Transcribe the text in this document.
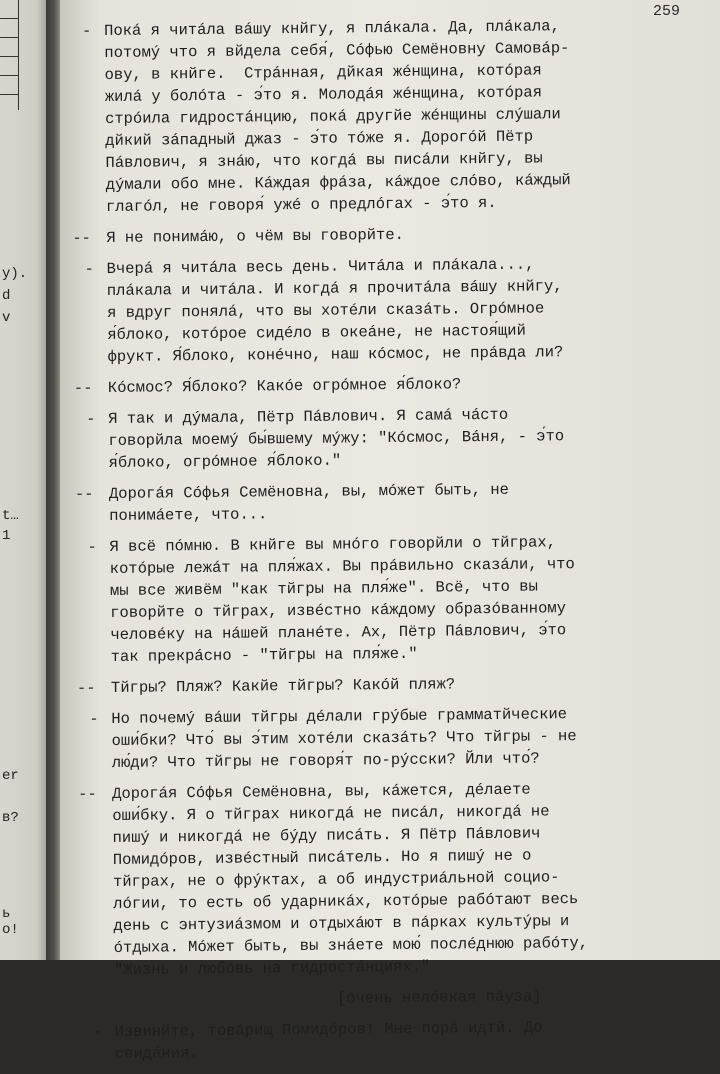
y).
d
v
t…
1
er
в?
ь
о!
259
- Покá я читáла вáшу кнйгу, я плáкала. Да, плáкала,
потомý что я вйдела себя́, Сóфью Семёновну Самовáр-
ову, в кнйге.  Стрáнная, дйкая жéнщина, котóрая
жилá у болóта - э́то я. Молодáя жéнщина, котóрая
стрóила гидростáнцию, покá другйе жéнщины слýшали
дйкий зáпадный джаз - э́то тóже я. Дорогóй Пётр
Пáвлович, я знáю, что когдá вы писáли кнйгу, вы
дýмали обо мне. Кáждая фрáза, кáждое слóво, кáждый
глагóл, не говоря́ ужé о предлóгах - э́то я.
-- Я не понимáю, о чём вы говорйте.
- Вчерá я читáла весь день. Читáла и плáкала...,
плáкала и читáла. И когдá я прочитáла вáшу кнйгу,
я вдруг понялá, что вы хотéли сказáть. Огрóмное
я́блоко, котóрое сидéло в океáне, не настоя́щий
фрукт. Я́блоко, конéчно, наш кóсмос, не прáвда ли?
-- Кóсмос? Я́блоко? Какóе огрóмное я́блоко?
- Я так и дýмала, Пётр Пáвлович. Я самá чáсто
говорйла моемý бы́вшему мýжу: "Кóсмос, Вáня, - э́то
я́блоко, огрóмное я́блоко."
-- Дорогáя Сóфья Семёновна, вы, мóжет быть, не
понимáете, что...
- Я всё пóмню. В кнйге вы мнóго говорйли о тйграх,
котóрые лежáт на пля́жах. Вы прáвильно сказáли, что
мы все живём "как тйгры на пля́же". Всё, что вы
говорйте о тйграх, извéстно кáждому образóванному
человéку на нáшей планéте. Ах, Пётр Пáвлович, э́то
так прекрáсно - "тйгры на пля́же."
-- Тйгры? Пляж? Какйе тйгры? Какóй пляж?
- Но почемý вáши тйгры дéлали грýбые грамматйческие
оши́бки? Что́ вы э́тим хотéли сказáть? Что тйгры - не
лю́ди? Что тйгры не говоря́т по-рýсски? Йли что́?
-- Дорогáя Сóфья Семёновна, вы, кáжется, дéлаете
оши́бку. Я о тйграх никогдá не писáл, никогдá не
пишý и никогдá не бýду писáть. Я Пётр Пáвлович
Помидóров, извéстный писáтель. Но я пишý не о
тйграх, не о фрýктах, а об индустриáльной социо-
лóгии, то есть об ударникáх, котóрые рабóтают весь
день с энтузиáзмом и отдыхáют в пáрках культýры и
óтдыха. Мóжет быть, вы знáете мою́ послéднюю рабóту,
"Жизнь и любóвь на гидростáнциях."
[óчень нелóвкая пáуза]
- Извинйте, товáрищ Помидóров! Мне порá идтй. До
свидáния.
